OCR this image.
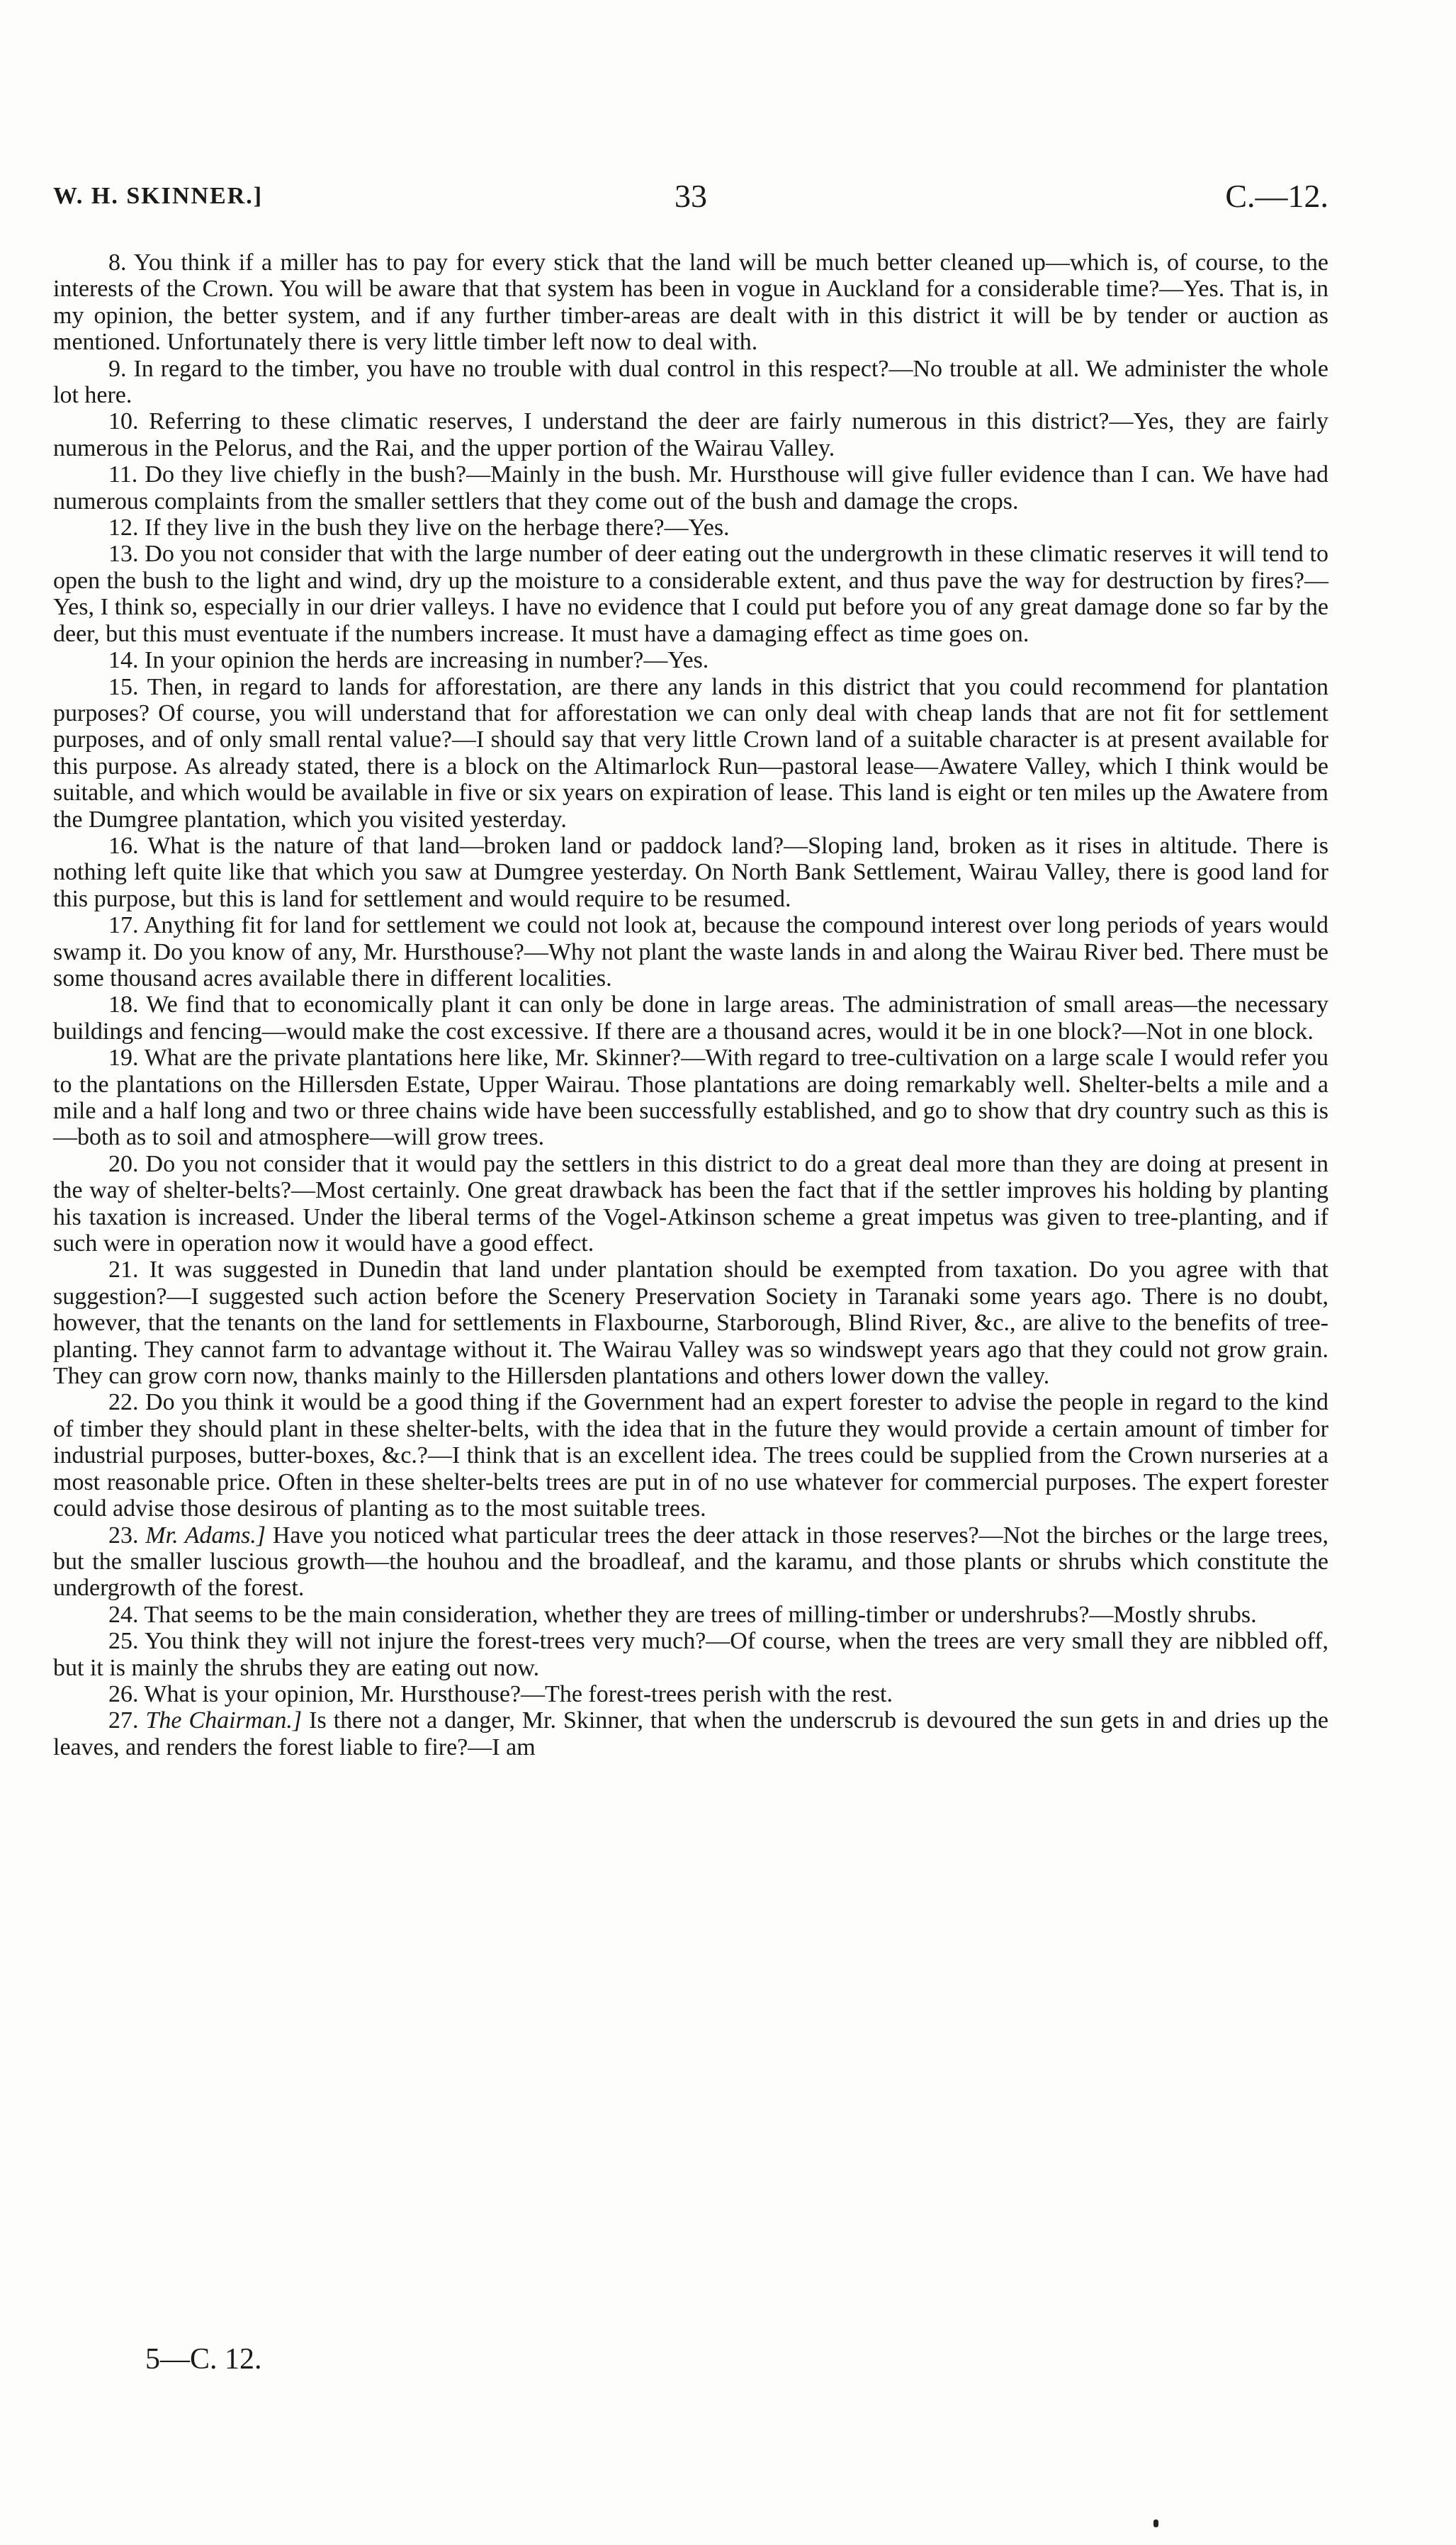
W. H. SKINNER.]	33	C.—12.

8. You think if a miller has to pay for every stick that the land will be much better cleaned up—which is, of course, to the interests of the Crown. You will be aware that that system has been in vogue in Auckland for a considerable time?—Yes. That is, in my opinion, the better system, and if any further timber-areas are dealt with in this district it will be by tender or auction as mentioned. Unfortunately there is very little timber left now to deal with.

9. In regard to the timber, you have no trouble with dual control in this respect?—No trouble at all. We administer the whole lot here.

10. Referring to these climatic reserves, I understand the deer are fairly numerous in this district?—Yes, they are fairly numerous in the Pelorus, and the Rai, and the upper portion of the Wairau Valley.

11. Do they live chiefly in the bush?—Mainly in the bush. Mr. Hursthouse will give fuller evidence than I can. We have had numerous complaints from the smaller settlers that they come out of the bush and damage the crops.

12. If they live in the bush they live on the herbage there?—Yes.

13. Do you not consider that with the large number of deer eating out the undergrowth in these climatic reserves it will tend to open the bush to the light and wind, dry up the moisture to a considerable extent, and thus pave the way for destruction by fires?—Yes, I think so, especially in our drier valleys. I have no evidence that I could put before you of any great damage done so far by the deer, but this must eventuate if the numbers increase. It must have a damaging effect as time goes on.

14. In your opinion the herds are increasing in number?—Yes.

15. Then, in regard to lands for afforestation, are there any lands in this district that you could recommend for plantation purposes? Of course, you will understand that for afforestation we can only deal with cheap lands that are not fit for settlement purposes, and of only small rental value?—I should say that very little Crown land of a suitable character is at present available for this purpose. As already stated, there is a block on the Altimarlock Run—pastoral lease—Awatere Valley, which I think would be suitable, and which would be available in five or six years on expiration of lease. This land is eight or ten miles up the Awatere from the Dumgree plantation, which you visited yesterday.

16. What is the nature of that land—broken land or paddock land?—Sloping land, broken as it rises in altitude. There is nothing left quite like that which you saw at Dumgree yesterday. On North Bank Settlement, Wairau Valley, there is good land for this purpose, but this is land for settlement and would require to be resumed.

17. Anything fit for land for settlement we could not look at, because the compound interest over long periods of years would swamp it. Do you know of any, Mr. Hursthouse?—Why not plant the waste lands in and along the Wairau River bed. There must be some thousand acres available there in different localities.

18. We find that to economically plant it can only be done in large areas. The administration of small areas—the necessary buildings and fencing—would make the cost excessive. If there are a thousand acres, would it be in one block?—Not in one block.

19. What are the private plantations here like, Mr. Skinner?—With regard to tree-cultivation on a large scale I would refer you to the plantations on the Hillersden Estate, Upper Wairau. Those plantations are doing remarkably well. Shelter-belts a mile and a mile and a half long and two or three chains wide have been successfully established, and go to show that dry country such as this is—both as to soil and atmosphere—will grow trees.

20. Do you not consider that it would pay the settlers in this district to do a great deal more than they are doing at present in the way of shelter-belts?—Most certainly. One great drawback has been the fact that if the settler improves his holding by planting his taxation is increased. Under the liberal terms of the Vogel-Atkinson scheme a great impetus was given to tree-planting, and if such were in operation now it would have a good effect.

21. It was suggested in Dunedin that land under plantation should be exempted from taxation. Do you agree with that suggestion?—I suggested such action before the Scenery Preservation Society in Taranaki some years ago. There is no doubt, however, that the tenants on the land for settlements in Flaxbourne, Starborough, Blind River, &c., are alive to the benefits of tree-planting. They cannot farm to advantage without it. The Wairau Valley was so windswept years ago that they could not grow grain. They can grow corn now, thanks mainly to the Hillersden plantations and others lower down the valley.

22. Do you think it would be a good thing if the Government had an expert forester to advise the people in regard to the kind of timber they should plant in these shelter-belts, with the idea that in the future they would provide a certain amount of timber for industrial purposes, butter-boxes, &c.?—I think that is an excellent idea. The trees could be supplied from the Crown nurseries at a most reasonable price. Often in these shelter-belts trees are put in of no use whatever for commercial purposes. The expert forester could advise those desirous of planting as to the most suitable trees.

23. Mr. Adams.] Have you noticed what particular trees the deer attack in those reserves?—Not the birches or the large trees, but the smaller luscious growth—the houhou and the broadleaf, and the karamu, and those plants or shrubs which constitute the undergrowth of the forest.

24. That seems to be the main consideration, whether they are trees of milling-timber or undershrubs?—Mostly shrubs.

25. You think they will not injure the forest-trees very much?—Of course, when the trees are very small they are nibbled off, but it is mainly the shrubs they are eating out now.

26. What is your opinion, Mr. Hursthouse?—The forest-trees perish with the rest.

27. The Chairman.] Is there not a danger, Mr. Skinner, that when the underscrub is devoured the sun gets in and dries up the leaves, and renders the forest liable to fire?—I am

5—C. 12.
